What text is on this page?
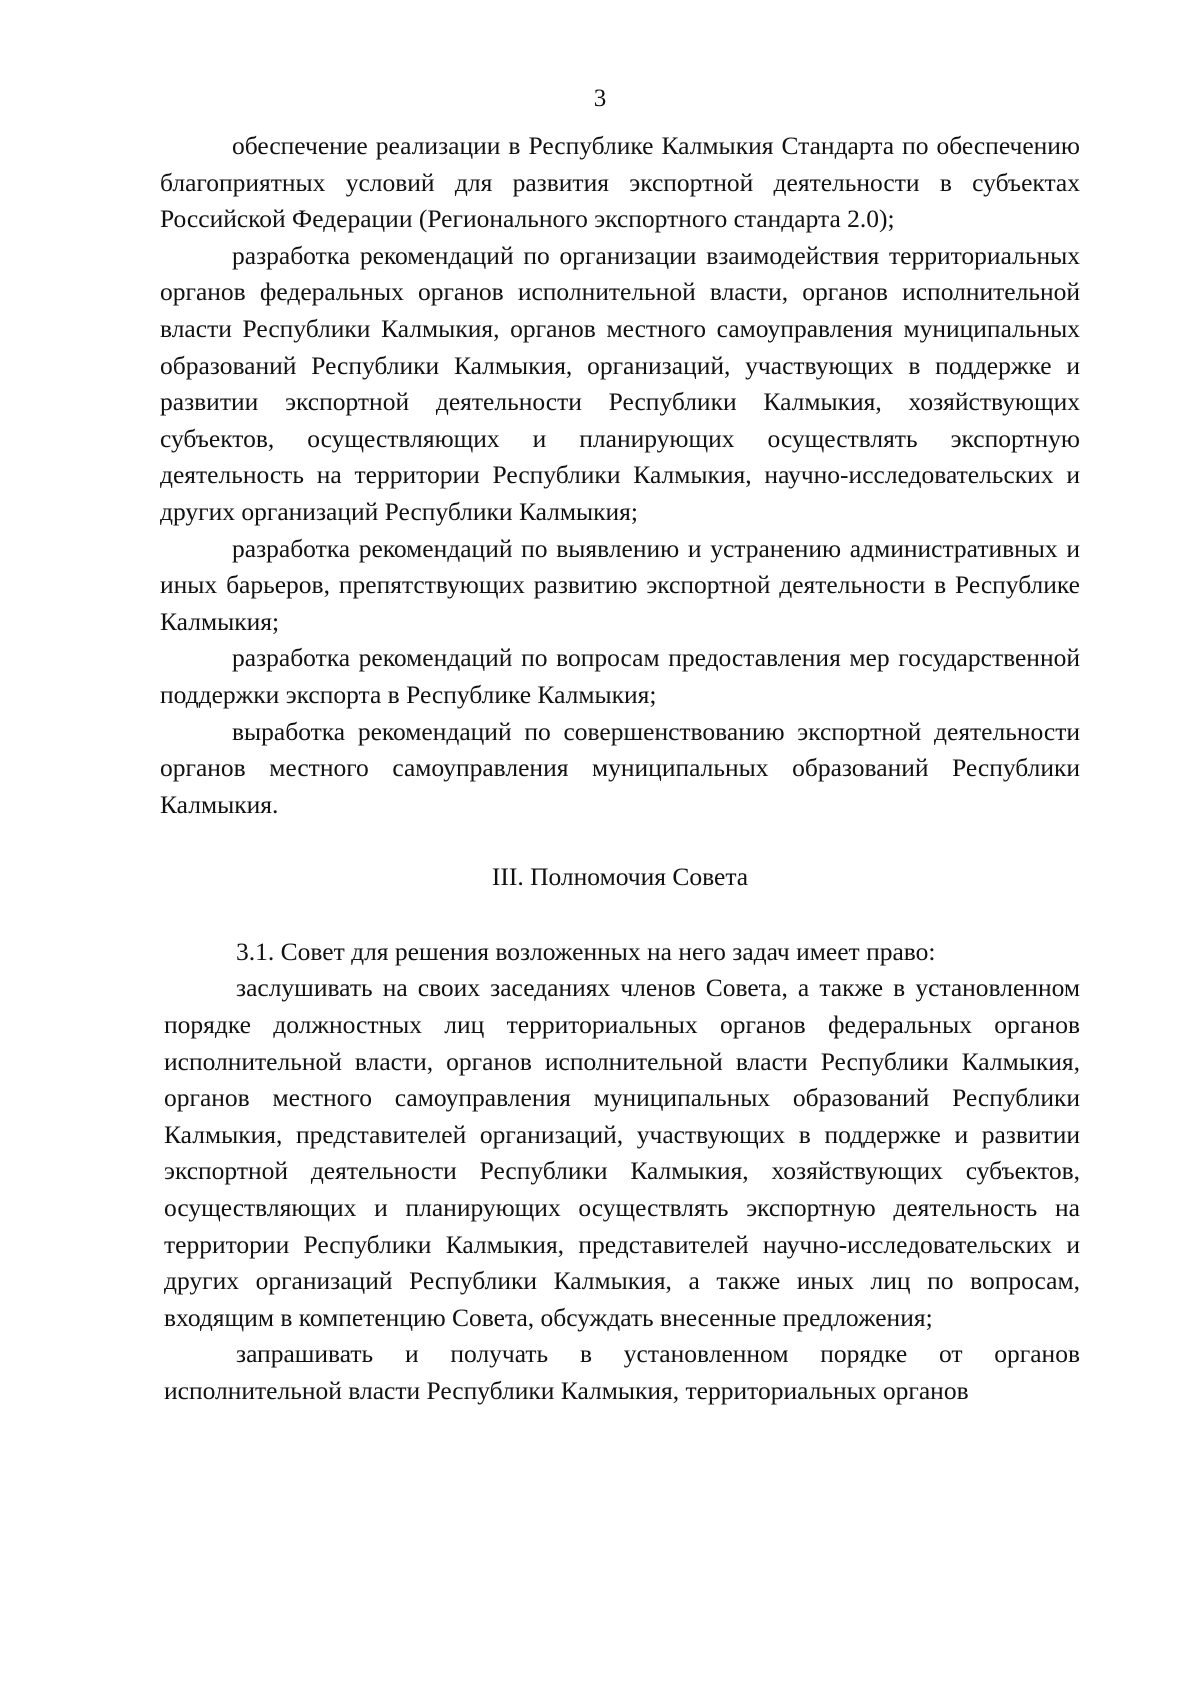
3

обеспечение реализации в Республике Калмыкия Стандарта по обеспечению благоприятных условий для развития экспортной деятельности в субъектах Российской Федерации (Регионального экспортного стандарта 2.0);

разработка рекомендаций по организации взаимодействия территориальных органов федеральных органов исполнительной власти, органов исполнительной власти Республики Калмыкия, органов местного самоуправления муниципальных образований Республики Калмыкия, организаций, участвующих в поддержке и развитии экспортной деятельности Республики Калмыкия, хозяйствующих субъектов, осуществляющих и планирующих осуществлять экспортную деятельность на территории Республики Калмыкия, научно-исследовательских и других организаций Республики Калмыкия;

разработка рекомендаций по выявлению и устранению административных и иных барьеров, препятствующих развитию экспортной деятельности в Республике Калмыкия;

разработка рекомендаций по вопросам предоставления мер государственной поддержки экспорта в Республике Калмыкия;

выработка рекомендаций по совершенствованию экспортной деятельности органов местного самоуправления муниципальных образований Республики Калмыкия.

III. Полномочия Совета

3.1. Совет для решения возложенных на него задач имеет право:

заслушивать на своих заседаниях членов Совета, а также в установленном порядке должностных лиц территориальных органов федеральных органов исполнительной власти, органов исполнительной власти Республики Калмыкия, органов местного самоуправления муниципальных образований Республики Калмыкия, представителей организаций, участвующих в поддержке и развитии экспортной деятельности Республики Калмыкия, хозяйствующих субъектов, осуществляющих и планирующих осуществлять экспортную деятельность на территории Республики Калмыкия, представителей научно-исследовательских и других организаций Республики Калмыкия, а также иных лиц по вопросам, входящим в компетенцию Совета, обсуждать внесенные предложения;

запрашивать и получать в установленном порядке от органов исполнительной власти Республики Калмыкия, территориальных органов
